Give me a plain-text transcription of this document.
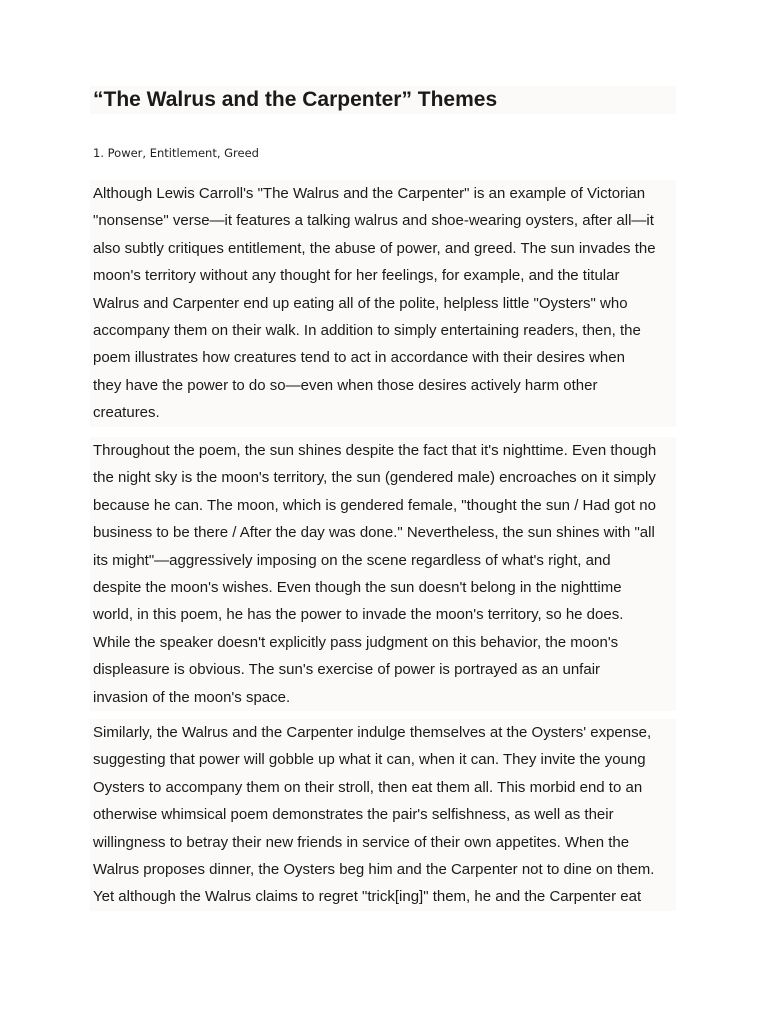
“The Walrus and the Carpenter” Themes
1. Power, Entitlement, Greed
Although Lewis Carroll's "The Walrus and the Carpenter" is an example of Victorian
"nonsense" verse—it features a talking walrus and shoe-wearing oysters, after all—it
also subtly critiques entitlement, the abuse of power, and greed. The sun invades the
moon's territory without any thought for her feelings, for example, and the titular
Walrus and Carpenter end up eating all of the polite, helpless little "Oysters" who
accompany them on their walk. In addition to simply entertaining readers, then, the
poem illustrates how creatures tend to act in accordance with their desires when
they have the power to do so—even when those desires actively harm other
creatures.
Throughout the poem, the sun shines despite the fact that it's nighttime. Even though
the night sky is the moon's territory, the sun (gendered male) encroaches on it simply
because he can. The moon, which is gendered female, "thought the sun / Had got no
business to be there / After the day was done." Nevertheless, the sun shines with "all
its might"—aggressively imposing on the scene regardless of what's right, and
despite the moon's wishes. Even though the sun doesn't belong in the nighttime
world, in this poem, he has the power to invade the moon's territory, so he does.
While the speaker doesn't explicitly pass judgment on this behavior, the moon's
displeasure is obvious. The sun's exercise of power is portrayed as an unfair
invasion of the moon's space.
Similarly, the Walrus and the Carpenter indulge themselves at the Oysters' expense,
suggesting that power will gobble up what it can, when it can. They invite the young
Oysters to accompany them on their stroll, then eat them all. This morbid end to an
otherwise whimsical poem demonstrates the pair's selfishness, as well as their
willingness to betray their new friends in service of their own appetites. When the
Walrus proposes dinner, the Oysters beg him and the Carpenter not to dine on them.
Yet although the Walrus claims to regret "trick[ing]" them, he and the Carpenter eat
